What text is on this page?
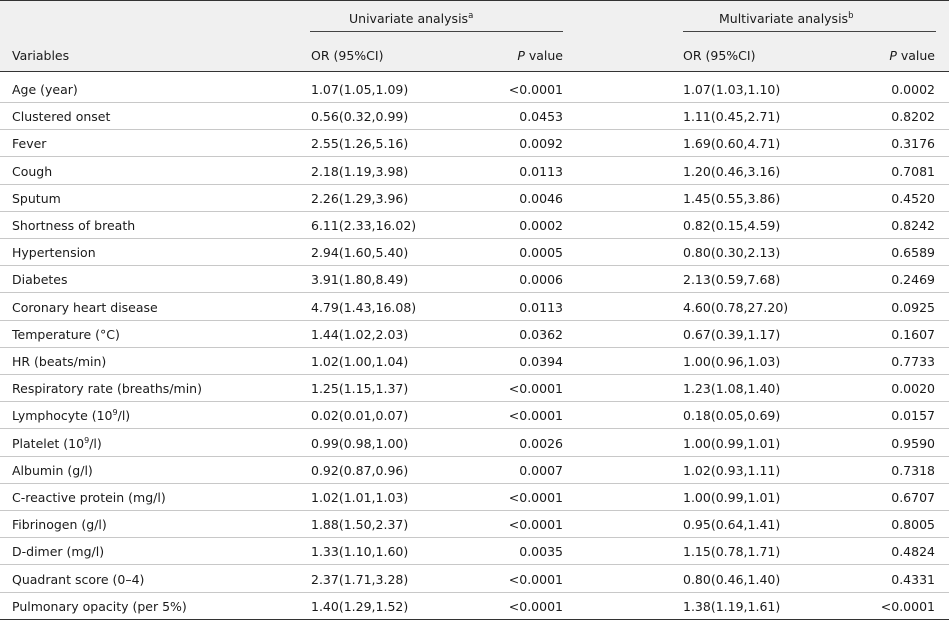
Univariate analysis$^a$	Multivariate analysis$^b$
Variables	OR (95%CI)	P value	OR (95%CI)	P value
Age (year)	1.07(1.05,1.09)	<0.0001	1.07(1.03,1.10)	0.0002
Clustered onset	0.56(0.32,0.99)	0.0453	1.11(0.45,2.71)	0.8202
Fever	2.55(1.26,5.16)	0.0092	1.69(0.60,4.71)	0.3176
Cough	2.18(1.19,3.98)	0.0113	1.20(0.46,3.16)	0.7081
Sputum	2.26(1.29,3.96)	0.0046	1.45(0.55,3.86)	0.4520
Shortness of breath	6.11(2.33,16.02)	0.0002	0.82(0.15,4.59)	0.8242
Hypertension	2.94(1.60,5.40)	0.0005	0.80(0.30,2.13)	0.6589
Diabetes	3.91(1.80,8.49)	0.0006	2.13(0.59,7.68)	0.2469
Coronary heart disease	4.79(1.43,16.08)	0.0113	4.60(0.78,27.20)	0.0925
Temperature (°C)	1.44(1.02,2.03)	0.0362	0.67(0.39,1.17)	0.1607
HR (beats/min)	1.02(1.00,1.04)	0.0394	1.00(0.96,1.03)	0.7733
Respiratory rate (breaths/min)	1.25(1.15,1.37)	<0.0001	1.23(1.08,1.40)	0.0020
Lymphocyte $(10^9/l)$	0.02(0.01,0.07)	<0.0001	0.18(0.05,0.69)	0.0157
Platelet $(10^9/l)$	0.99(0.98,1.00)	0.0026	1.00(0.99,1.01)	0.9590
Albumin (g/l)	0.92(0.87,0.96)	0.0007	1.02(0.93,1.11)	0.7318
C-reactive protein (mg/l)	1.02(1.01,1.03)	<0.0001	1.00(0.99,1.01)	0.6707
Fibrinogen (g/l)	1.88(1.50,2.37)	<0.0001	0.95(0.64,1.41)	0.8005
D-dimer (mg/l)	1.33(1.10,1.60)	0.0035	1.15(0.78,1.71)	0.4824
Quadrant score (0–4)	2.37(1.71,3.28)	<0.0001	0.80(0.46,1.40)	0.4331
Pulmonary opacity (per 5%)	1.40(1.29,1.52)	<0.0001	1.38(1.19,1.61)	<0.0001
